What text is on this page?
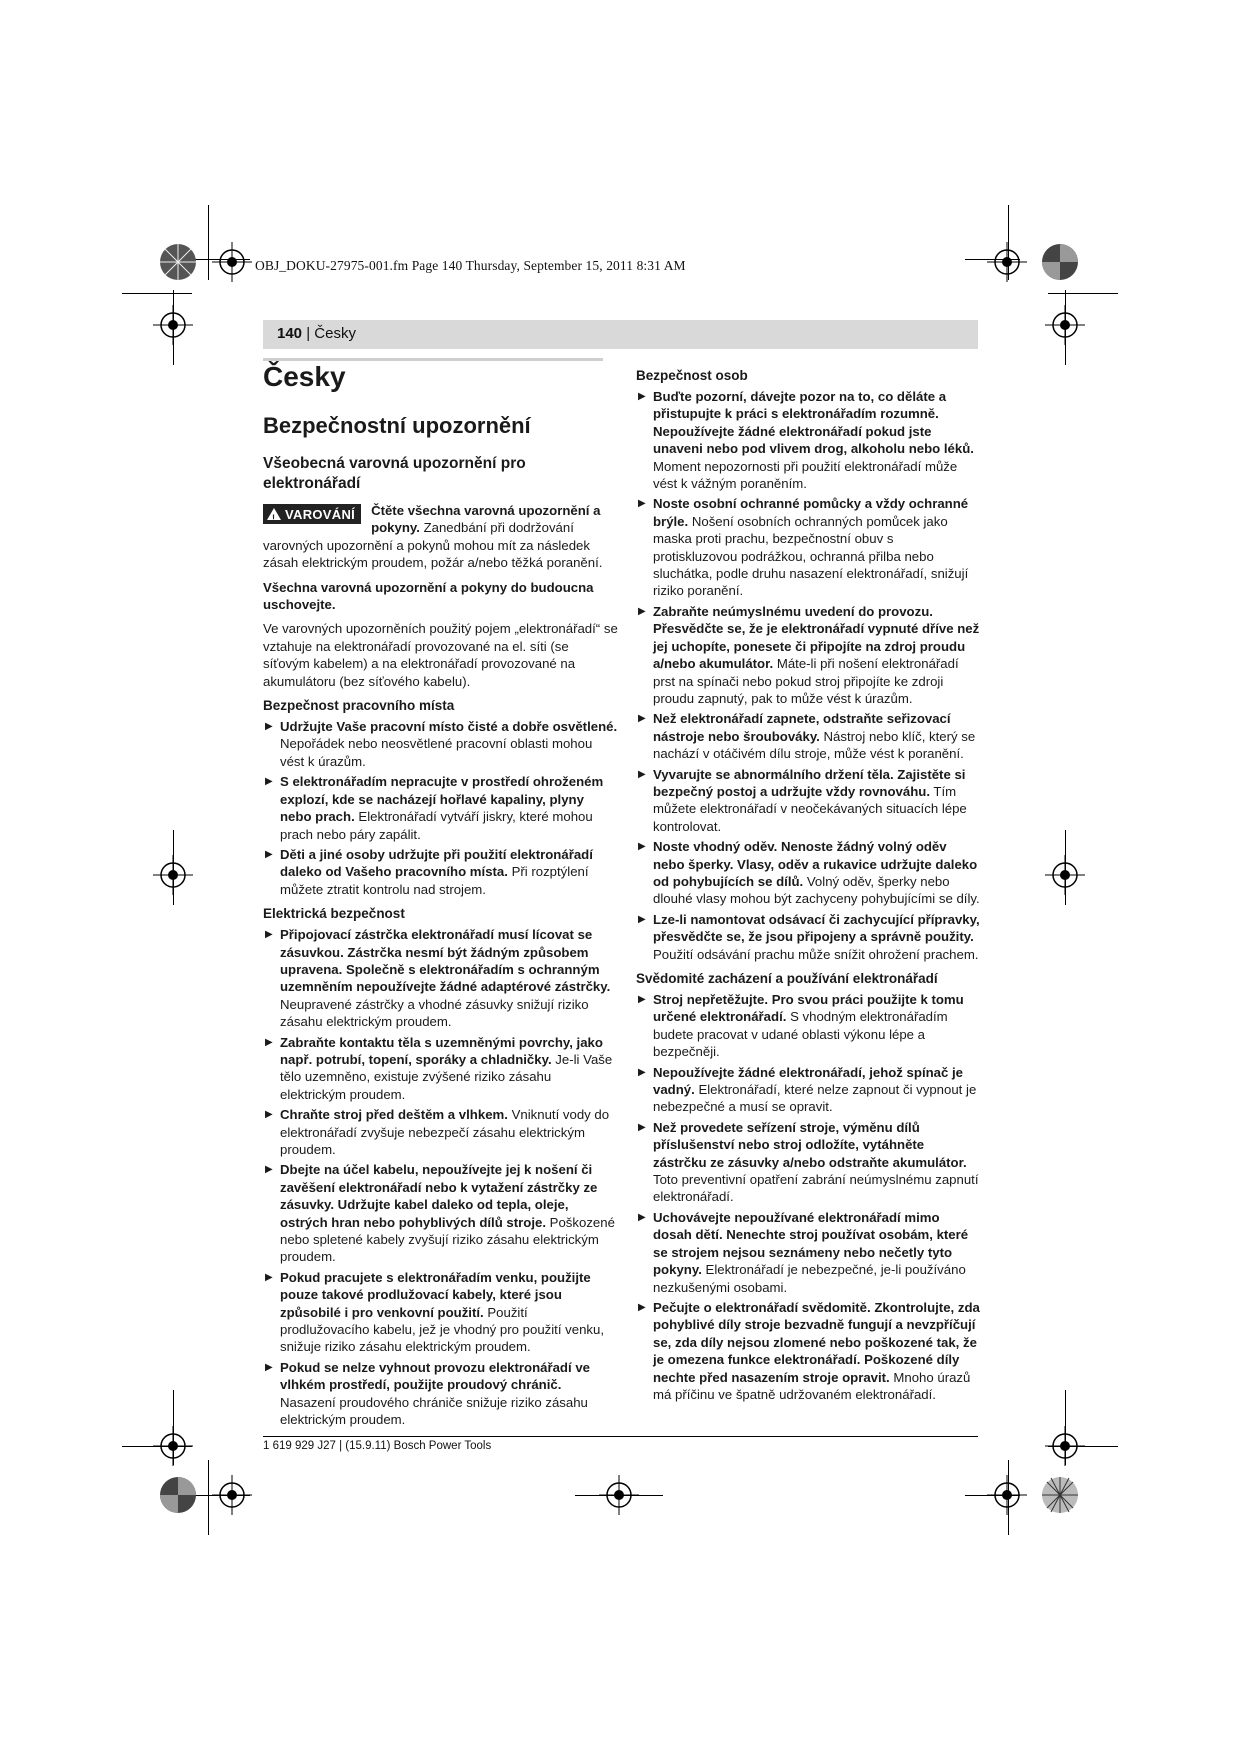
OBJ_DOKU-27975-001.fm Page 140 Thursday, September 15, 2011 8:31 AM
140 | Česky
Česky
Bezpečnostní upozornění
Všeobecná varovná upozornění pro elektronářadí
! VAROVÁNÍ	Čtěte všechna varovná upozornění a pokyny. Zanedbání při dodržování varovných upozornění a pokynů mohou mít za následek zásah elektrickým proudem, požár a/nebo těžká poranění.

Všechna varovná upozornění a pokyny do budoucna uschovejte.

Ve varovných upozorněních použitý pojem „elektronářadí“ se vztahuje na elektronářadí provozované na el. síti (se síťovým kabelem) a na elektronářadí provozované na akumulátoru (bez síťového kabelu).

Bezpečnost pracovního místa
▶ Udržujte Vaše pracovní místo čisté a dobře osvětlené. Nepořádek nebo neosvětlené pracovní oblasti mohou vést k úrazům.
▶ S elektronářadím nepracujte v prostředí ohroženém explozí, kde se nacházejí hořlavé kapaliny, plyny nebo prach. Elektronářadí vytváří jiskry, které mohou prach nebo páry zapálit.
▶ Děti a jiné osoby udržujte při použití elektronářadí daleko od Vašeho pracovního místa. Při rozptýlení můžete ztratit kontrolu nad strojem.
Elektrická bezpečnost
▶ Připojovací zástrčka elektronářadí musí lícovat se zásuvkou. Zástrčka nesmí být žádným způsobem upravena. Společně s elektronářadím s ochranným uzemněním nepoužívejte žádné adaptérové zástrčky. Neupravené zástrčky a vhodné zásuvky snižují riziko zásahu elektrickým proudem.
▶ Zabraňte kontaktu těla s uzemněnými povrchy, jako např. potrubí, topení, sporáky a chladničky. Je-li Vaše tělo uzemněno, existuje zvýšené riziko zásahu elektrickým proudem.
▶ Chraňte stroj před deštěm a vlhkem. Vniknutí vody do elektronářadí zvyšuje nebezpečí zásahu elektrickým proudem.
▶ Dbejte na účel kabelu, nepoužívejte jej k nošení či zavěšení elektronářadí nebo k vytažení zástrčky ze zásuvky. Udržujte kabel daleko od tepla, oleje, ostrých hran nebo pohyblivých dílů stroje. Poškozené nebo spletené kabely zvyšují riziko zásahu elektrickým proudem.
▶ Pokud pracujete s elektronářadím venku, použijte pouze takové prodlužovací kabely, které jsou způsobilé i pro venkovní použití. Použití prodlužovacího kabelu, jež je vhodný pro použití venku, snižuje riziko zásahu elektrickým proudem.
▶ Pokud se nelze vyhnout provozu elektronářadí ve vlhkém prostředí, použijte proudový chránič. Nasazení proudového chrániče snižuje riziko zásahu elektrickým proudem.
Bezpečnost osob
▶ Buďte pozorní, dávejte pozor na to, co děláte a přistupujte k práci s elektronářadím rozumně. Nepoužívejte žádné elektronářadí pokud jste unaveni nebo pod vlivem drog, alkoholu nebo léků. Moment nepozornosti při použití elektronářadí může vést k vážným poraněním.
▶ Noste osobní ochranné pomůcky a vždy ochranné brýle. Nošení osobních ochranných pomůcek jako maska proti prachu, bezpečnostní obuv s protiskluzovou podrážkou, ochranná přilba nebo sluchátka, podle druhu nasazení elektronářadí, snižují riziko poranění.
▶ Zabraňte neúmyslnému uvedení do provozu. Přesvědčte se, že je elektronářadí vypnuté dříve než jej uchopíte, ponesete či připojíte na zdroj proudu a/nebo akumulátor. Máte-li při nošení elektronářadí prst na spínači nebo pokud stroj připojíte ke zdroji proudu zapnutý, pak to může vést k úrazům.
▶ Než elektronářadí zapnete, odstraňte seřizovací nástroje nebo šroubováky. Nástroj nebo klíč, který se nachází v otáčivém dílu stroje, může vést k poranění.
▶ Vyvarujte se abnormálního držení těla. Zajistěte si bezpečný postoj a udržujte vždy rovnováhu. Tím můžete elektronářadí v neočekávaných situacích lépe kontrolovat.
▶ Noste vhodný oděv. Nenoste žádný volný oděv nebo šperky. Vlasy, oděv a rukavice udržujte daleko od pohybujících se dílů. Volný oděv, šperky nebo dlouhé vlasy mohou být zachyceny pohybujícími se díly.
▶ Lze-li namontovat odsávací či zachycující přípravky, přesvědčte se, že jsou připojeny a správně použity. Použití odsávání prachu může snížit ohrožení prachem.
Svědomité zacházení a používání elektronářadí
▶ Stroj nepřetěžujte. Pro svou práci použijte k tomu určené elektronářadí. S vhodným elektronářadím budete pracovat v udané oblasti výkonu lépe a bezpečněji.
▶ Nepoužívejte žádné elektronářadí, jehož spínač je vadný. Elektronářadí, které nelze zapnout či vypnout je nebezpečné a musí se opravit.
▶ Než provedete seřízení stroje, výměnu dílů příslušenství nebo stroj odložíte, vytáhněte zástrčku ze zásuvky a/nebo odstraňte akumulátor. Toto preventivní opatření zabrání neúmyslnému zapnutí elektronářadí.
▶ Uchovávejte nepoužívané elektronářadí mimo dosah dětí. Nenechte stroj používat osobám, které se strojem nejsou seznámeny nebo nečetly tyto pokyny. Elektronářadí je nebezpečné, je-li používáno nezkušenými osobami.
▶ Pečujte o elektronářadí svědomitě. Zkontrolujte, zda pohyblivé díly stroje bezvadně fungují a nevzpříčují se, zda díly nejsou zlomené nebo poškozené tak, že je omezena funkce elektronářadí. Poškozené díly nechte před nasazením stroje opravit. Mnoho úrazů má příčinu ve špatně udržovaném elektronářadí.
1 619 929 J27 | (15.9.11) Bosch Power Tools
